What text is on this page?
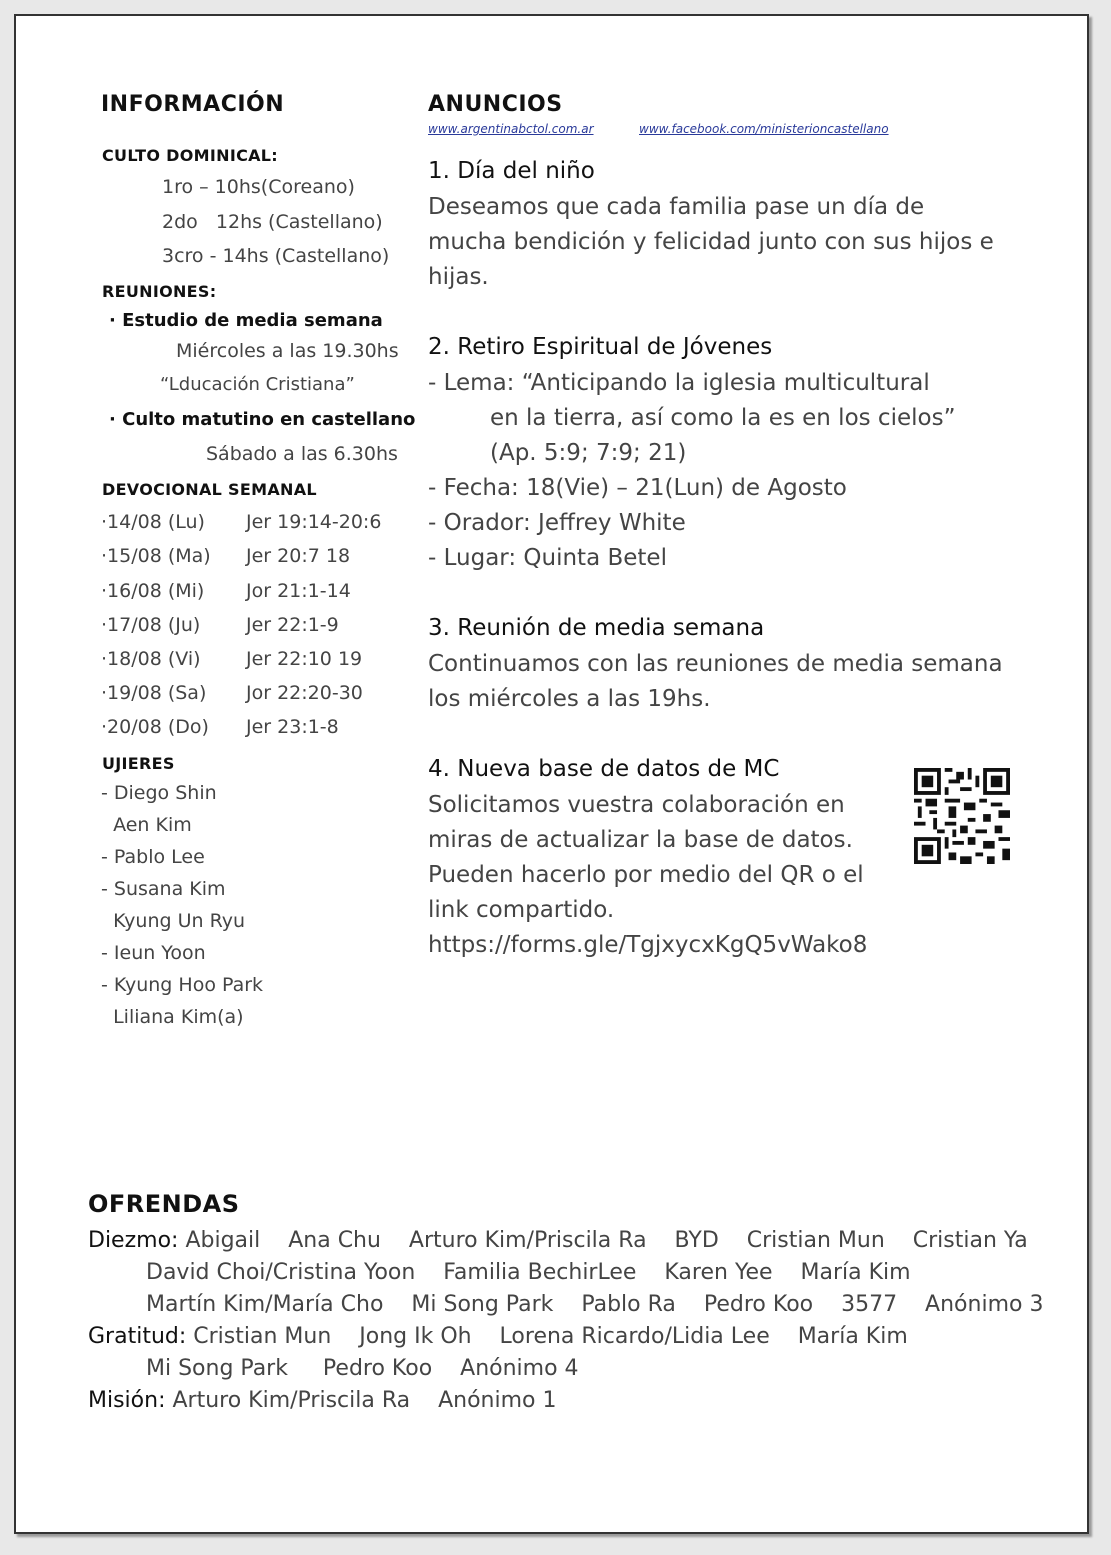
INFORMACIÓN
CULTO DOMINICAL:
1ro – 10hs(Coreano)
2do   12hs (Castellano)
3cro - 14hs (Castellano)
REUNIONES:
· Estudio de media semana
Miércoles a las 19.30hs
“Lducación Cristiana”
· Culto matutino en castellano
Sábado a las 6.30hs
DEVOCIONAL SEMANAL
·14/08 (Lu) Jer 19:14-20:6
·15/08 (Ma) Jer 20:7 18
·16/08 (Mi) Jor 21:1-14
·17/08 (Ju) Jer 22:1-9
·18/08 (Vi) Jer 22:10 19
·19/08 (Sa) Jor 22:20-30
·20/08 (Do) Jer 23:1-8
UJIERES
- Diego Shin
Aen Kim
- Pablo Lee
- Susana Kim
Kyung Un Ryu
- Ieun Yoon
- Kyung Hoo Park
Liliana Kim(a)
ANUNCIOS
www.argentinabctol.com.ar	www.facebook.com/ministerioncastellano
1. Día del niño
Deseamos que cada familia pase un día de
mucha bendición y felicidad junto con sus hijos e
hijas.
2. Retiro Espiritual de Jóvenes
- Lema: “Anticipando la iglesia multicultural
en la tierra, así como la es en los cielos”
(Ap. 5:9; 7:9; 21)
- Fecha: 18(Vie) – 21(Lun) de Agosto
- Orador: Jeffrey White
- Lugar: Quinta Betel
3. Reunión de media semana
Continuamos con las reuniones de media semana
los miércoles a las 19hs.
4. Nueva base de datos de MC
Solicitamos vuestra colaboración en
miras de actualizar la base de datos.
Pueden hacerlo por medio del QR o el
link compartido.
https://forms.gle/TgjxycxKgQ5vWako8
OFRENDAS
Diezmo: Abigail    Ana Chu    Arturo Kim/Priscila Ra    BYD    Cristian Mun    Cristian Ya
David Choi/Cristina Yoon    Familia BechirLee    Karen Yee    María Kim
Martín Kim/María Cho    Mi Song Park    Pablo Ra    Pedro Koo    3577    Anónimo 3
Gratitud: Cristian Mun    Jong Ik Oh    Lorena Ricardo/Lidia Lee    María Kim
Mi Song Park     Pedro Koo    Anónimo 4
Misión: Arturo Kim/Priscila Ra    Anónimo 1
